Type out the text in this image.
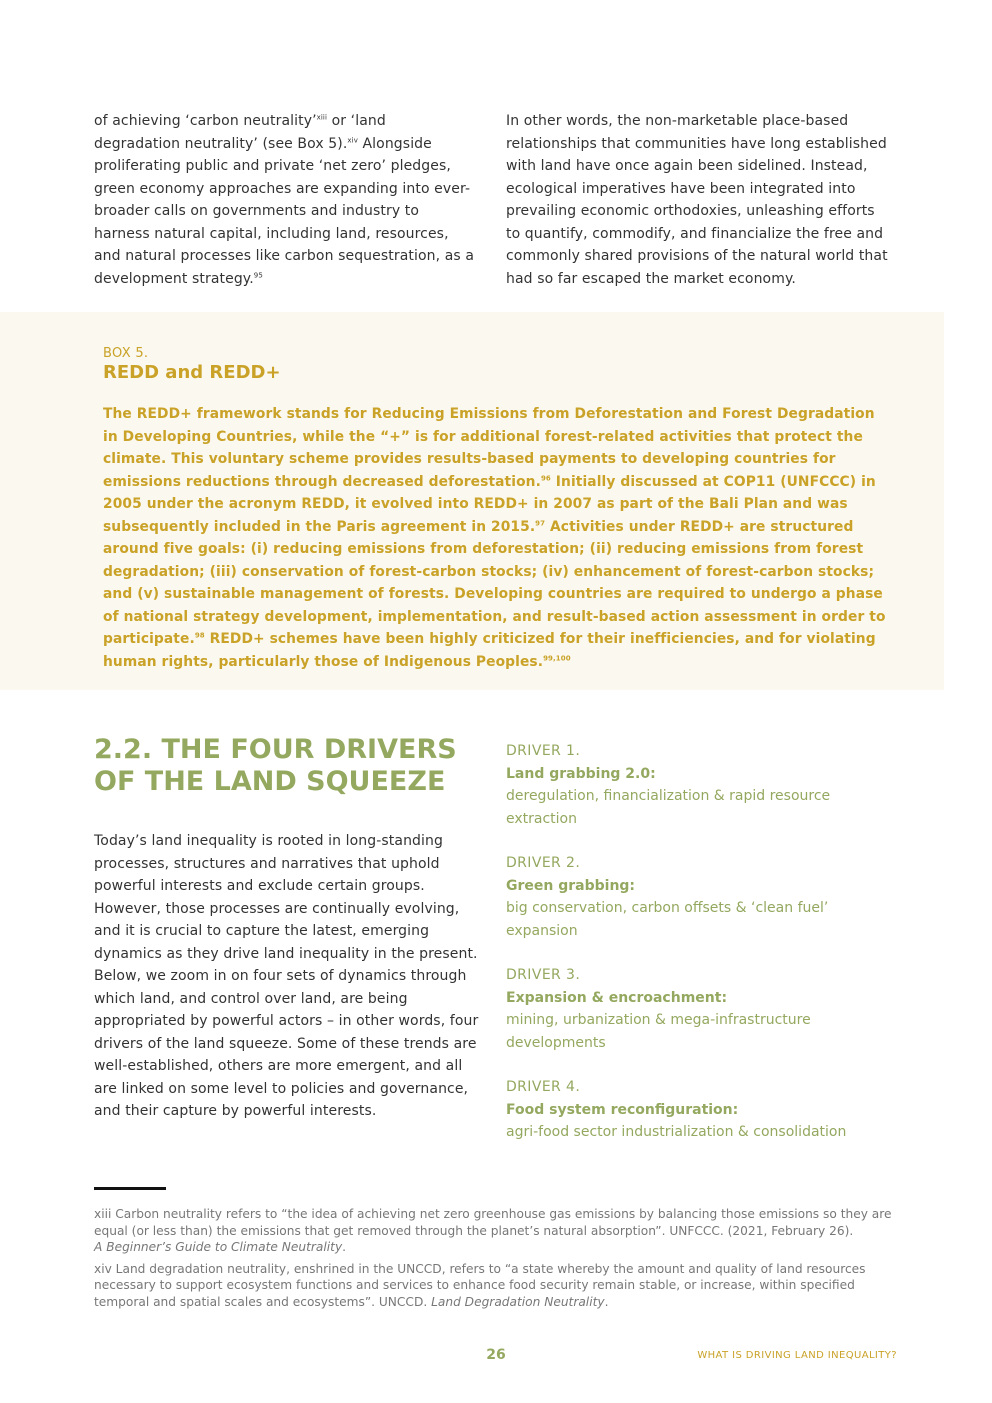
of achieving ‘carbon neutrality’$^{xiii}$ or ‘land degradation neutrality’ (see Box 5).$^{xiv}$ Alongside proliferating public and private ‘net zero’ pledges, green economy approaches are expanding into ever-broader calls on governments and industry to harness natural capital, including land, resources, and natural processes like carbon sequestration, as a development strategy.$^{95}$

In other words, the non-marketable place-based relationships that communities have long established with land have once again been sidelined. Instead, ecological imperatives have been integrated into prevailing economic orthodoxies, unleashing efforts to quantify, commodify, and financialize the free and commonly shared provisions of the natural world that had so far escaped the market economy.

BOX 5.
REDD and REDD+
The REDD+ framework stands for Reducing Emissions from Deforestation and Forest Degradation in Developing Countries, while the “+” is for additional forest-related activities that protect the climate. This voluntary scheme provides results-based payments to developing countries for emissions reductions through decreased deforestation.$^{96}$ Initially discussed at COP11 (UNFCCC) in 2005 under the acronym REDD, it evolved into REDD+ in 2007 as part of the Bali Plan and was subsequently included in the Paris agreement in 2015.97 Activities under REDD+ are structured around five goals: (i) reducing emissions from deforestation; (ii) reducing emissions from forest degradation; (iii) conservation of forest-carbon stocks; (iv) enhancement of forest-carbon stocks; and (v) sustainable management of forests. Developing countries are required to undergo a phase of national strategy development, implementation, and result-based action assessment in order to participate.$^{98}$ REDD+ schemes have been highly criticized for their inefficiencies, and for violating human rights, particularly those of Indigenous Peoples.$^{99,100}$
2.2. THE FOUR DRIVERS
OF THE LAND SQUEEZE

Today’s land inequality is rooted in long-standing processes, structures and narratives that uphold powerful interests and exclude certain groups. However, those processes are continually evolving, and it is crucial to capture the latest, emerging dynamics as they drive land inequality in the present. Below, we zoom in on four sets of dynamics through which land, and control over land, are being appropriated by powerful actors – in other words, four drivers of the land squeeze. Some of these trends are well-established, others are more emergent, and all are linked on some level to policies and governance, and their capture by powerful interests.

DRIVER 1.
Land grabbing 2.0:
deregulation, financialization & rapid resource extraction
DRIVER 2.
Green grabbing:
big conservation, carbon offsets & ‘clean fuel’ expansion
DRIVER 3.
Expansion & encroachment:
mining, urbanization & mega-infrastructure developments
DRIVER 4.
Food system reconfiguration:
agri-food sector industrialization & consolidation

xiii Carbon neutrality refers to “the idea of achieving net zero greenhouse gas emissions by balancing those emissions so they are equal (or less than) the emissions that get removed through the planet’s natural absorption”. UNFCCC. (2021, February 26).
A Beginner’s Guide to Climate Neutrality.

xiv Land degradation neutrality, enshrined in the UNCCD, refers to “a state whereby the amount and quality of land resources necessary to support ecosystem functions and services to enhance food security remain stable, or increase, within specified temporal and spatial scales and ecosystems”. UNCCD. Land Degradation Neutrality.

26	WHAT IS DRIVING LAND INEQUALITY?
